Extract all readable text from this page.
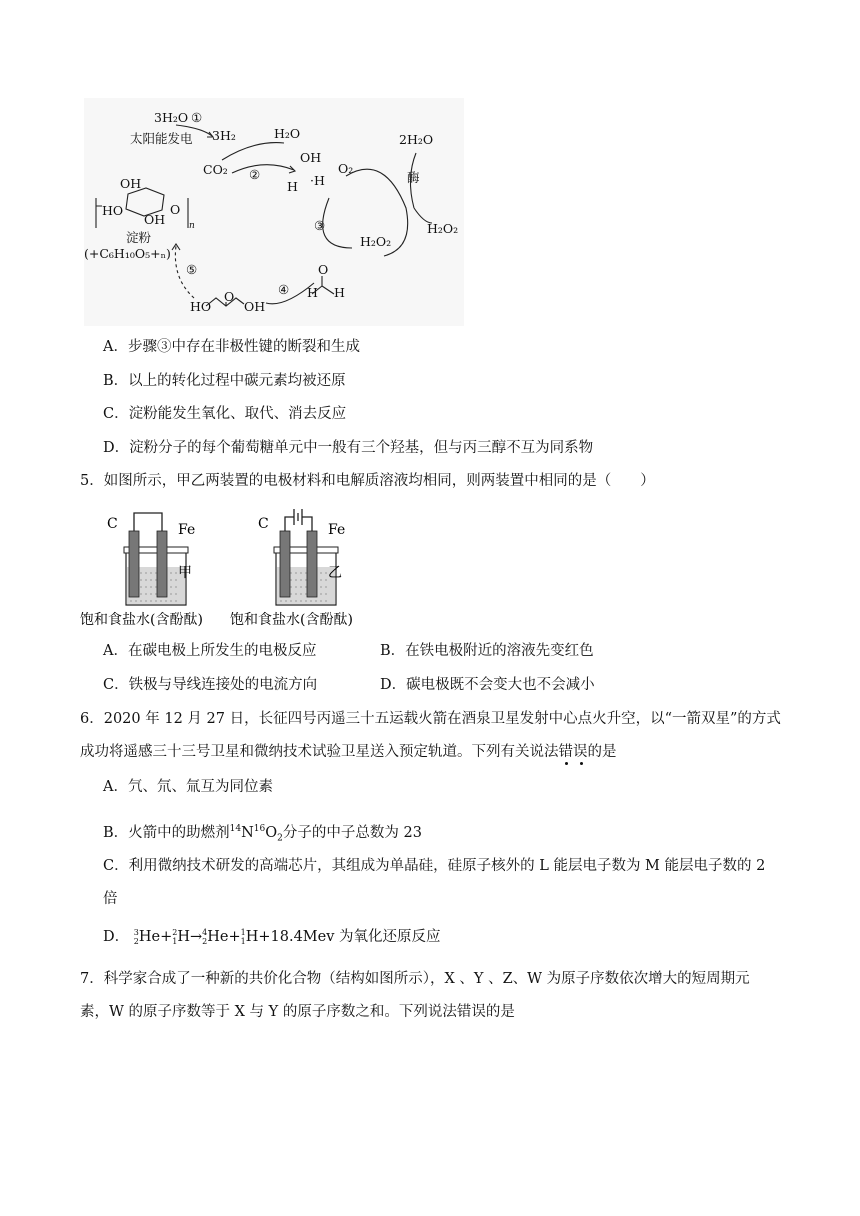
3H₂O ①
太阳能发电 3H₂	H₂O
CO₂ ②
OH
H ·H
O₂
2H₂O
酶
③
H₂O₂
H₂O₂
④
O
H H
⑤
HO
O
OH
OH
HO
OH
O
n
淀粉
(+C₆H₁₀O₅+ₙ)
A．步骤③中存在非极性键的断裂和生成
B．以上的转化过程中碳元素均被还原
C．淀粉能发生氧化、取代、消去反应
D．淀粉分子的每个葡萄糖单元中一般有三个羟基，但与丙三醇不互为同系物
5．如图所示，甲乙两装置的电极材料和电解质溶液均相同，则两装置中相同的是（　　）
C	Fe
甲
饱和食盐水(含酚酞)
C	Fe
乙
饱和食盐水(含酚酞)
A．在碳电极上所发生的电极反应	B．在铁电极附近的溶液先变红色
C．铁极与导线连接处的电流方向	D．碳电极既不会变大也不会减小
6．2020 年 12 月 27 日，长征四号丙遥三十五运载火箭在酒泉卫星发射中心点火升空，以“一箭双星”的方式
成功将遥感三十三号卫星和微纳技术试验卫星送入预定轨道。下列有关说法错误的是
A．氕、氘、氚互为同位素
B．火箭中的助燃剂$^{14}N^{16}O_2$分子的中子总数为 23
C．利用微纳技术研发的高端芯片，其组成为单晶硅，硅原子核外的 L 能层电子数为 M 能层电子数的 2
倍
D． 3
2 He+ 2
1 H→ 4
2 He+ 1
1 H+18.4Mev 为氧化还原反应
7．科学家合成了一种新的共价化合物（结构如图所示），X 、Y 、Z、W 为原子序数依次增大的短周期元
素，W 的原子序数等于 X 与 Y 的原子序数之和。下列说法错误的是
